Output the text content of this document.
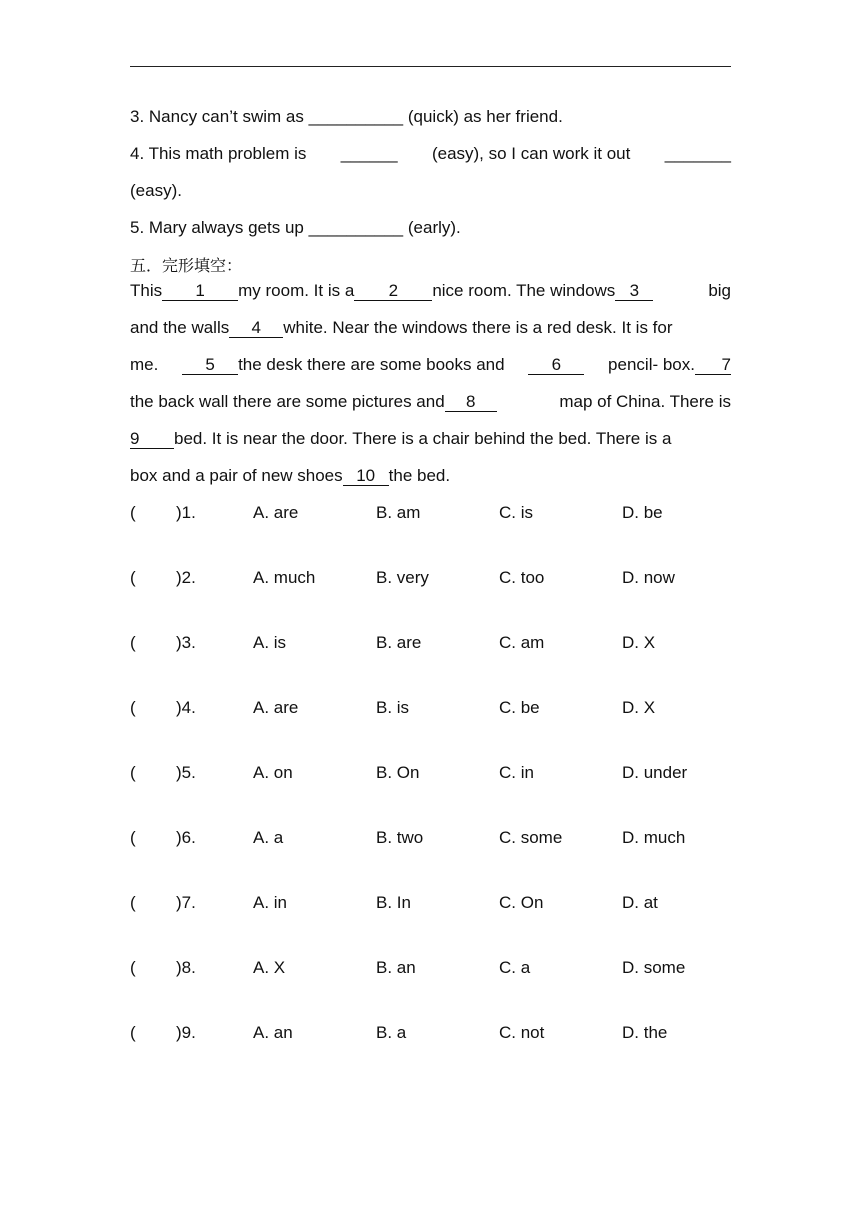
3. Nancy can’t swim as __________ (quick) as her friend.
4. This math problem is ______ (easy), so I can work it out _______
(easy).
5. Mary always gets up __________ (early).
五．完形填空：
This 1 my room. It is a 2 nice room. The windows 3	big
and the walls 4 white. Near the windows there is a red desk. It is for
me.	5 the desk there are some books and	6	pencil- box. 7
the back wall there are some pictures and 8	map of China. There is
9 bed. It is near the door. There is a chair behind the bed. There is a
box and a pair of new shoes 10 the bed.
( )1.	A. are	B. am	C. is	D. be
( )2.	A. much	B. very	C. too	D. now
( )3.	A. is	B. are	C. am	D. X
( )4.	A. are	B. is	C. be	D. X
( )5.	A. on	B. On	C. in	D. under
( )6.	A. a	B. two	C. some	D. much
( )7.	A. in	B. In	C. On	D. at
( )8.	A. X	B. an	C. a	D. some
( )9.	A. an	B. a	C. not	D. the
